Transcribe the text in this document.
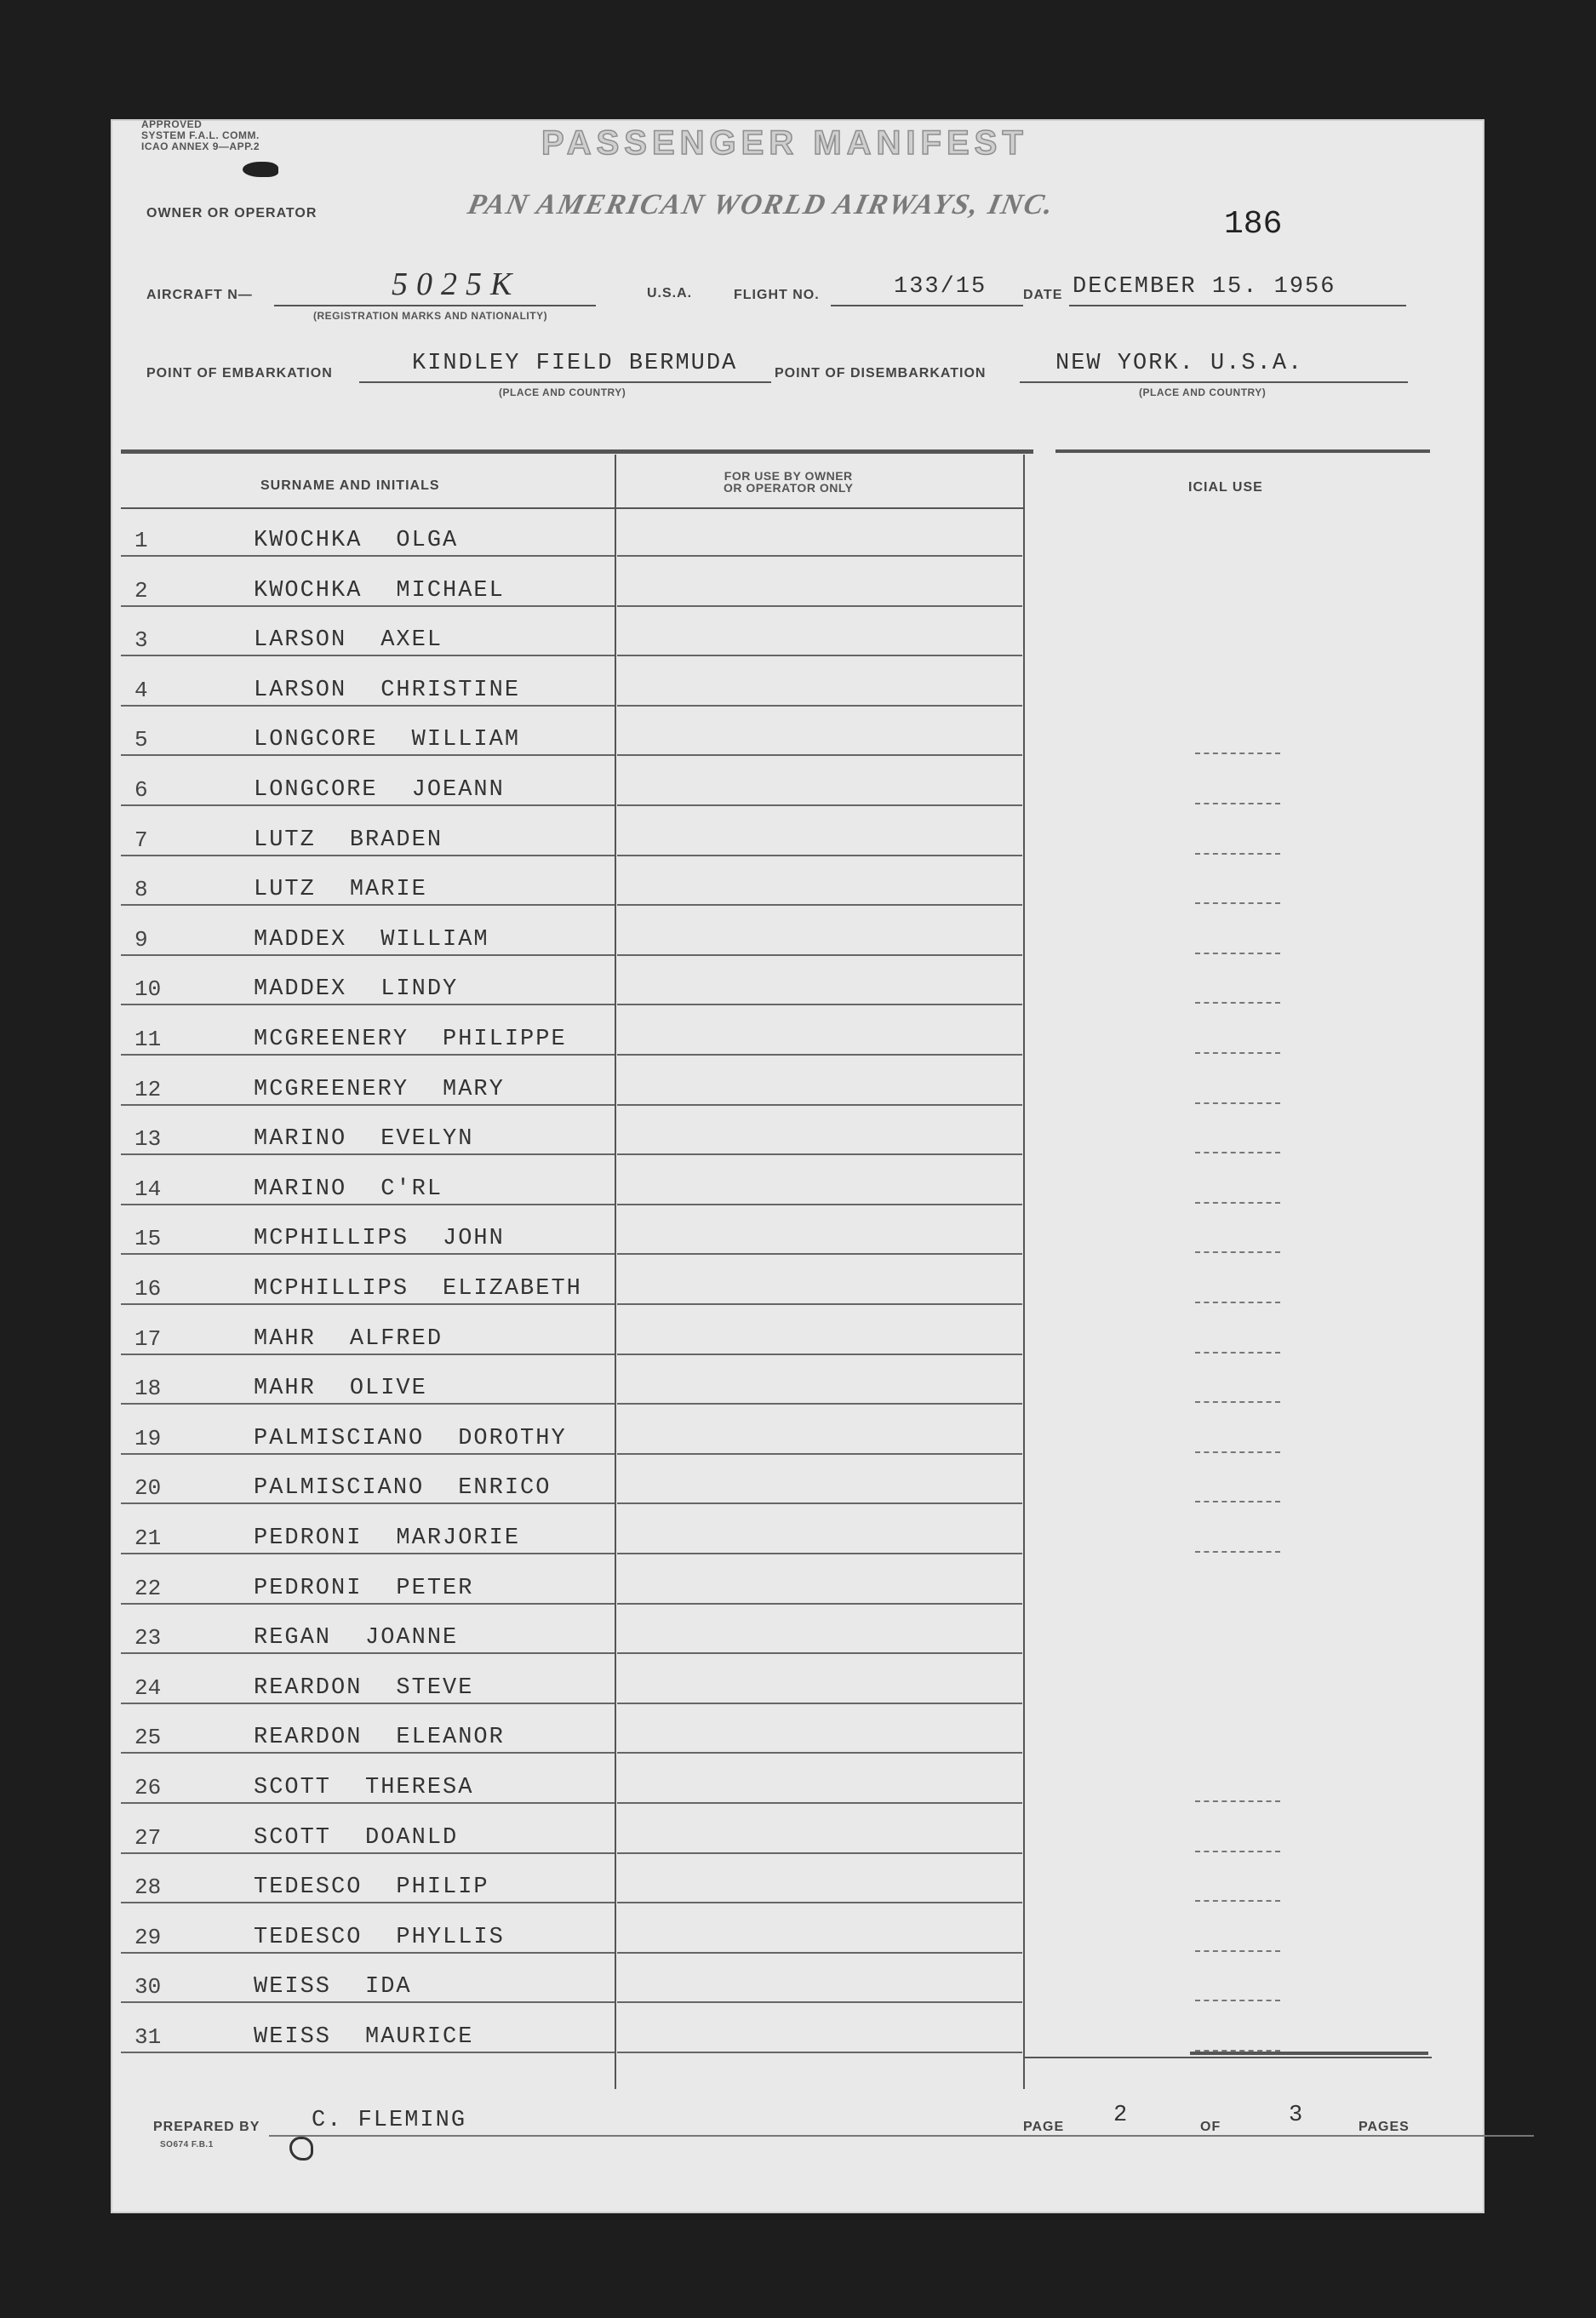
APPROVED
SYSTEM F.A.L. COMM.
ICAO ANNEX 9—APP.2	PASSENGER MANIFEST
OWNER OR OPERATOR	PAN AMERICAN WORLD AIRWAYS, INC.
186
AIRCRAFT N—	5025K
(REGISTRATION MARKS AND NATIONALITY)
U.S.A.	FLIGHT NO.	133/15	DATE DECEMBER 15. 1956
POINT OF EMBARKATION	KINDLEY FIELD BERMUDA
(PLACE AND COUNTRY)
POINT OF DISEMBARKATION	NEW YORK. U.S.A.
(PLACE AND COUNTRY)
SURNAME AND INITIALS
FOR USE BY OWNER
OR OPERATOR ONLY	ICIAL USE
1	KWOCHKA OLGA
2	KWOCHKA MICHAEL
3	LARSON AXEL
4	LARSON CHRISTINE
5	LONGCORE WILLIAM
6	LONGCORE JOEANN
7	LUTZ BRADEN
8	LUTZ MARIE
9	MADDEX WILLIAM
10	MADDEX LINDY
11	MCGREENERY PHILIPPE
12	MCGREENERY MARY
13	MARINO EVELYN
14	MARINO C'RL
15	MCPHILLIPS JOHN
16	MCPHILLIPS ELIZABETH
17	MAHR ALFRED
18	MAHR OLIVE
19	PALMISCIANO DOROTHY
20	PALMISCIANO ENRICO
21	PEDRONI MARJORIE
22	PEDRONI PETER
23	REGAN JOANNE
24	REARDON STEVE
25	REARDON ELEANOR
26	SCOTT THERESA
27	SCOTT DOANLD
28	TEDESCO PHILIP
29	TEDESCO PHYLLIS
30	WEISS IDA
31	WEISS MAURICE
PREPARED BY C. FLEMING
SO674 F.B.1
PAGE 2	OF	3	PAGES
